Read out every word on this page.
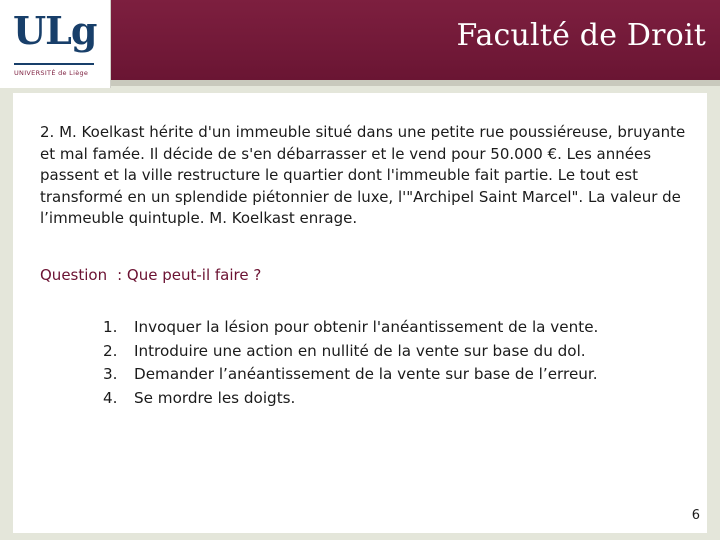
ULg
UNIVERSITÉ de Liège
Faculté de Droit

2. M. Koelkast hérite d'un immeuble situé dans une petite rue poussiéreuse, bruyante et mal famée. Il décide de s'en débarrasser et le vend pour 50.000 €. Les années passent et la ville restructure le quartier dont l'immeuble fait partie. Le tout est transformé en un splendide piétonnier de luxe, l'"Archipel Saint Marcel". La valeur de l’immeuble quintuple. M. Koelkast enrage.

Question : Que peut-il faire ?
1. Invoquer la lésion pour obtenir l'anéantissement de la vente.
2. Introduire une action en nullité de la vente sur base du dol.
3. Demander l’anéantissement de la vente sur base de l’erreur.
4. Se mordre les doigts.
6
